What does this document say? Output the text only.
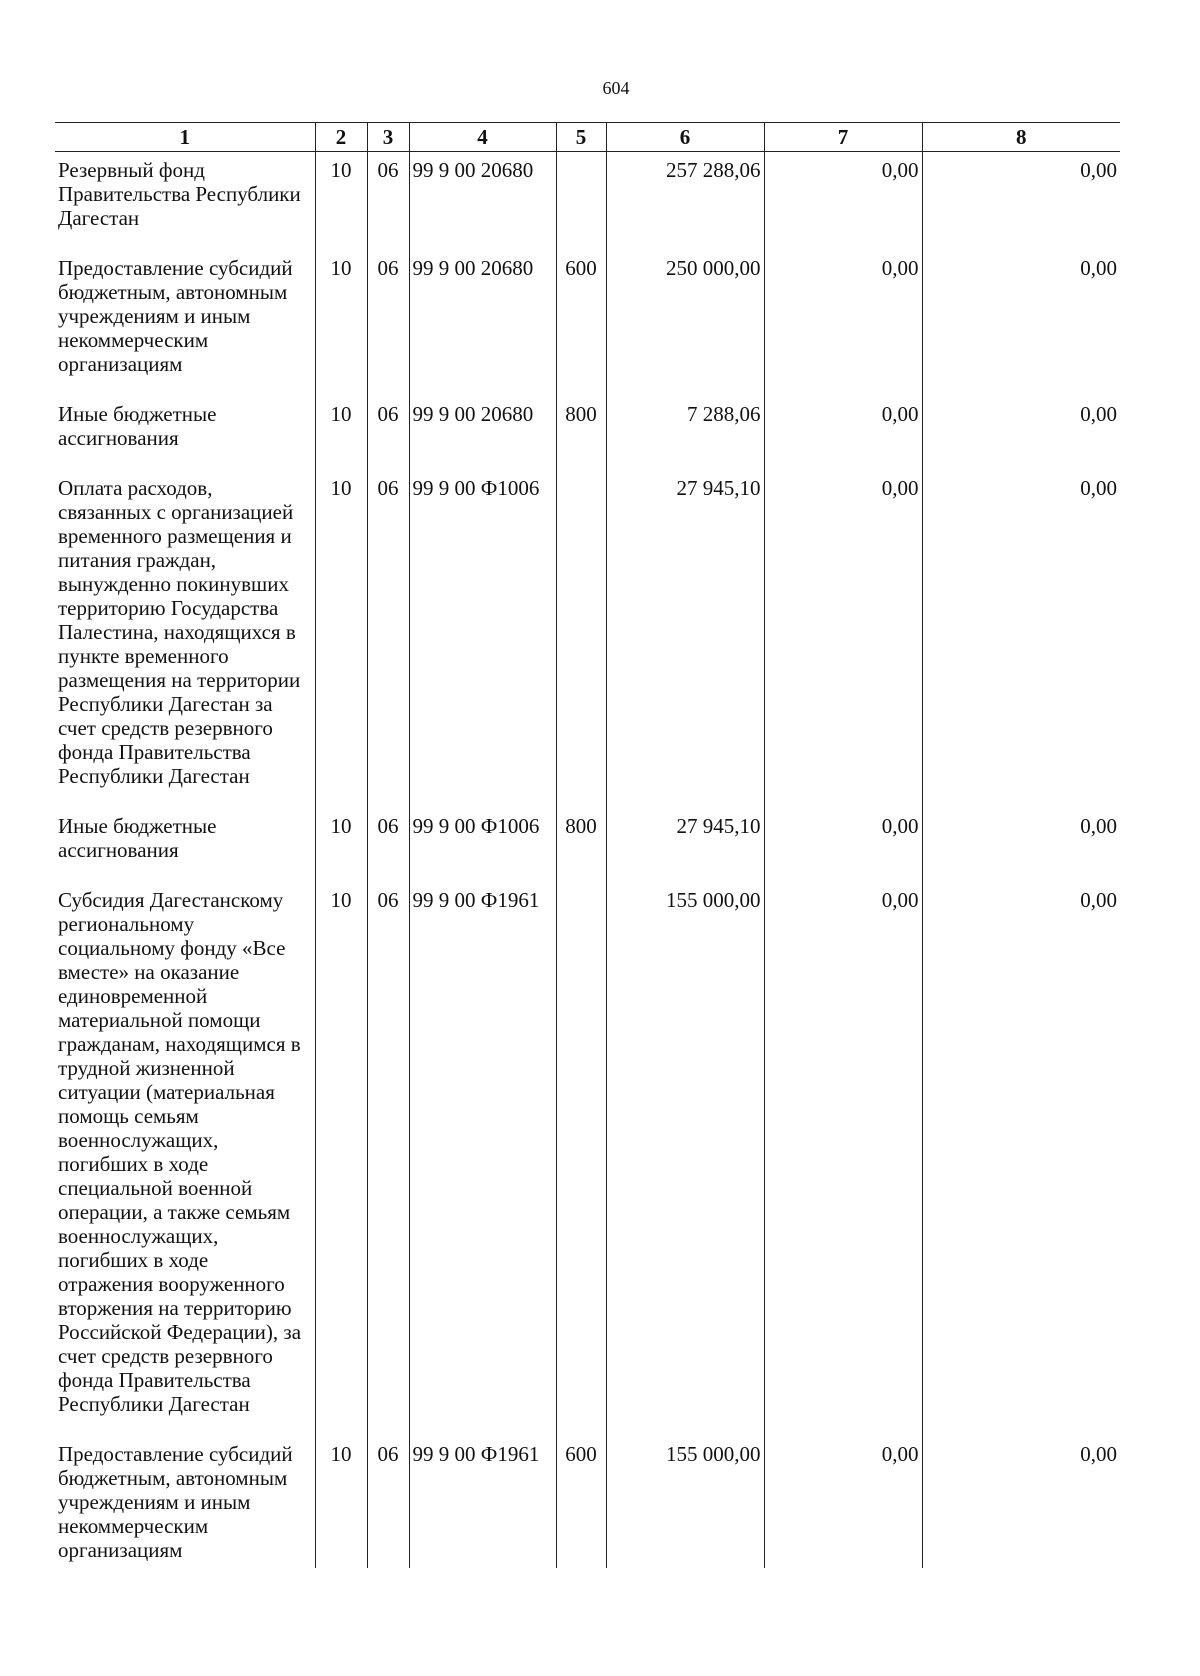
604
1	2	3	4	5	6	7	8
Резервный фонд Правительства Республики Дагестан	10	06	99 9 00 20680		257 288,06	0,00	0,00
Предоставление субсидий бюджетным, автономным учреждениям и иным некоммерческим организациям	10	06	99 9 00 20680	600	250 000,00	0,00	0,00
Иные бюджетные ассигнования	10	06	99 9 00 20680	800	7 288,06	0,00	0,00
Оплата расходов, связанных с организацией временного размещения и питания граждан, вынужденно покинувших территорию Государства Палестина, находящихся в пункте временного размещения на территории Республики Дагестан за счет средств резервного фонда Правительства Республики Дагестан	10	06	99 9 00 Ф1006		27 945,10	0,00	0,00
Иные бюджетные ассигнования	10	06	99 9 00 Ф1006	800	27 945,10	0,00	0,00
Субсидия Дагестанскому региональному социальному фонду «Все вместе» на оказание единовременной материальной помощи гражданам, находящимся в трудной жизненной ситуации (материальная помощь семьям военнослужащих, погибших в ходе специальной военной операции, а также семьям военнослужащих, погибших в ходе отражения вооруженного вторжения на территорию Российской Федерации), за счет средств резервного фонда Правительства Республики Дагестан	10	06	99 9 00 Ф1961		155 000,00	0,00	0,00
Предоставление субсидий бюджетным, автономным учреждениям и иным некоммерческим организациям	10	06	99 9 00 Ф1961	600	155 000,00	0,00	0,00
